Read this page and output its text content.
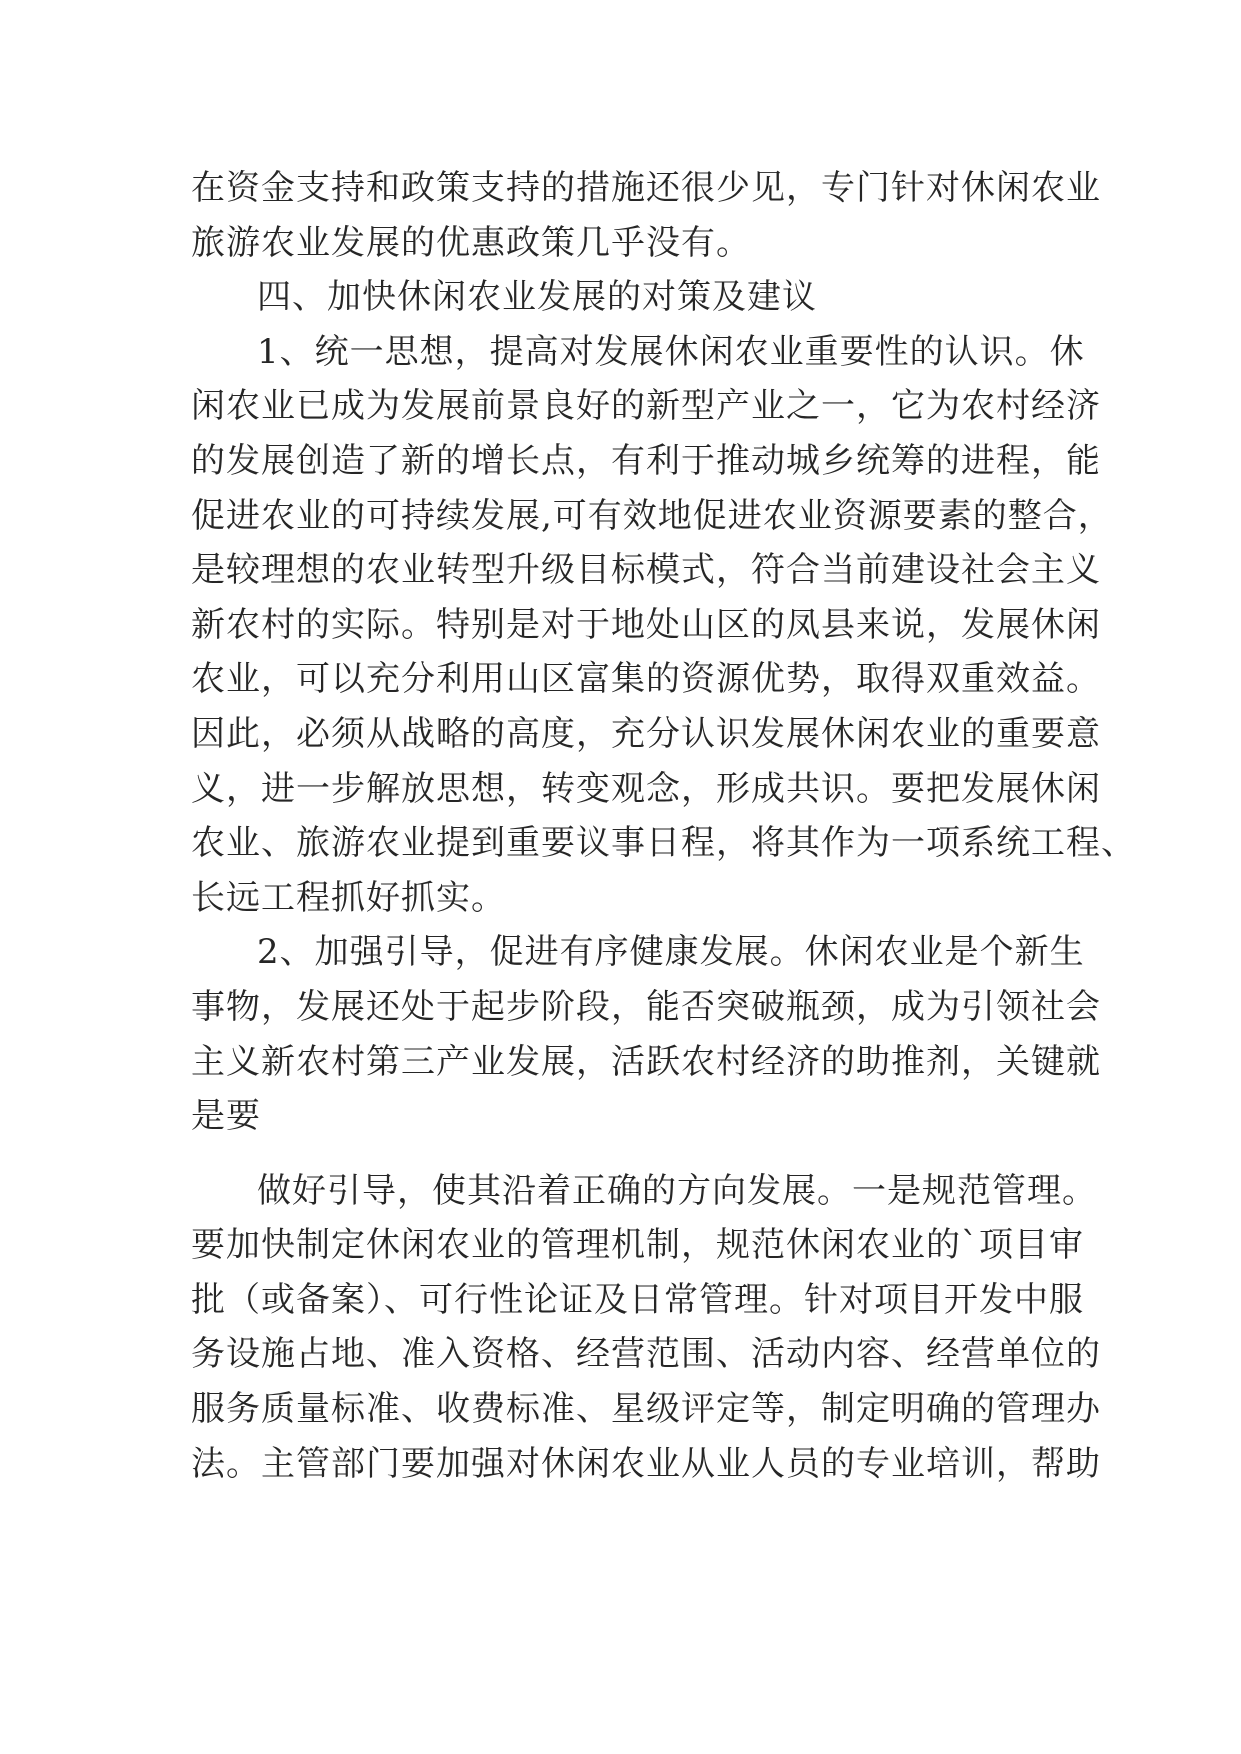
在资金支持和政策支持的措施还很少见，专门针对休闲农业
旅游农业发展的优惠政策几乎没有。
四、加快休闲农业发展的对策及建议
1、统一思想，提高对发展休闲农业重要性的认识。休
闲农业已成为发展前景良好的新型产业之一，它为农村经济
的发展创造了新的增长点，有利于推动城乡统筹的进程，能
促进农业的可持续发展,可有效地促进农业资源要素的整合，
是较理想的农业转型升级目标模式，符合当前建设社会主义
新农村的实际。特别是对于地处山区的凤县来说，发展休闲
农业，可以充分利用山区富集的资源优势，取得双重效益。
因此，必须从战略的高度，充分认识发展休闲农业的重要意
义，进一步解放思想，转变观念，形成共识。要把发展休闲
农业、旅游农业提到重要议事日程，将其作为一项系统工程、
长远工程抓好抓实。
2、加强引导，促进有序健康发展。休闲农业是个新生
事物，发展还处于起步阶段，能否突破瓶颈，成为引领社会
主义新农村第三产业发展，活跃农村经济的助推剂，关键就
是要
做好引导，使其沿着正确的方向发展。一是规范管理。
要加快制定休闲农业的管理机制，规范休闲农业的`项目审
批（或备案）、可行性论证及日常管理。针对项目开发中服
务设施占地、准入资格、经营范围、活动内容、经营单位的
服务质量标准、收费标准、星级评定等，制定明确的管理办
法。主管部门要加强对休闲农业从业人员的专业培训，帮助
